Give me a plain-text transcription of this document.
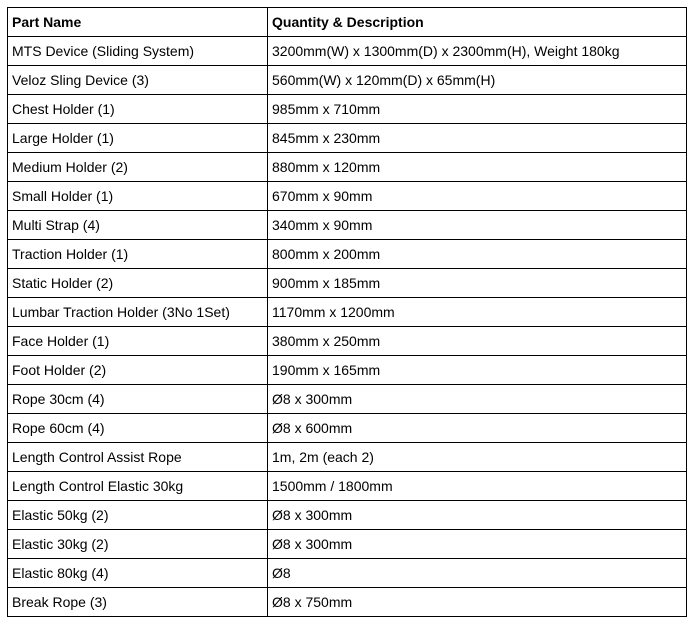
Part Name	Quantity & Description
MTS Device (Sliding System)	3200mm(W) x 1300mm(D) x 2300mm(H), Weight 180kg
Veloz Sling Device (3)	560mm(W) x 120mm(D) x 65mm(H)
Chest Holder (1)	985mm x 710mm
Large Holder (1)	845mm x 230mm
Medium Holder (2)	880mm x 120mm
Small Holder (1)	670mm x 90mm
Multi Strap (4)	340mm x 90mm
Traction Holder (1)	800mm x 200mm
Static Holder (2)	900mm x 185mm
Lumbar Traction Holder (3No 1Set)	1170mm x 1200mm
Face Holder (1)	380mm x 250mm
Foot Holder (2)	190mm x 165mm
Rope 30cm (4)	Ø8 x 300mm
Rope 60cm (4)	Ø8 x 600mm
Length Control Assist Rope	1m, 2m (each 2)
Length Control Elastic 30kg	1500mm / 1800mm
Elastic 50kg (2)	Ø8 x 300mm
Elastic 30kg (2)	Ø8 x 300mm
Elastic 80kg (4)	Ø8
Break Rope (3)	Ø8 x 750mm
